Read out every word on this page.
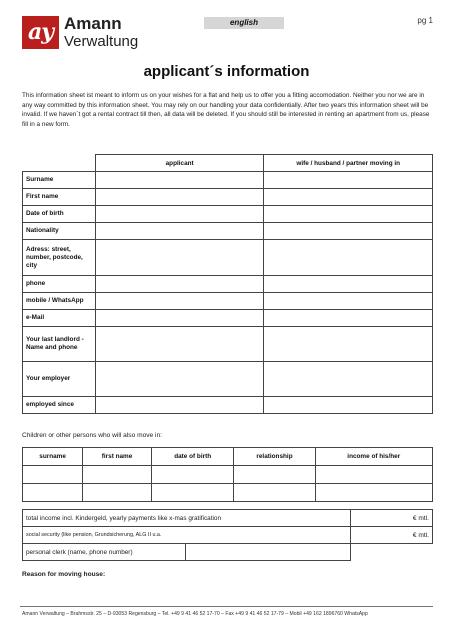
ay Amann
Verwaltung
english	pg 1
applicant´s information
This information sheet ist meant to inform us on your wishes for a flat and help us to offer you a fitting accomodation. Neither you nor we are in any way committed by this information sheet. You may rely on our handling your data confidentially. After two years this information sheet will be invalid. If we haven´t got a rental contract till then, all data will be deleted. If you should still be interested in renting an apartment from us, please fill in a new form.
	applicant	wife / husband / partner moving in
Surname		
First name		
Date of birth		
Nationality		
Adress: street, number, postcode, city		
phone		
mobile / WhatsApp		
e-Mail		
Your last landlord - Name and phone		
Your employer		
employed since		
Children or other persons who will also move in:
surname	first name	date of birth	relationship	income of his/her

total income incl. Kindergeld, yearly payments like x-mas gratification		€ mtl.
social security (like pension, Grundsicherung, ALG II u.a.		€ mtl.
personal clerk (name, phone number)		
Reason for moving house:
Amann Verwaltung – Brahmsstr. 25 – D-93053 Regensburg – Tel. +49 9 41 46 52 17-70 – Fax +49 9 41 46 52 17-79 – Mobil +49 162 1896760 WhatsApp
